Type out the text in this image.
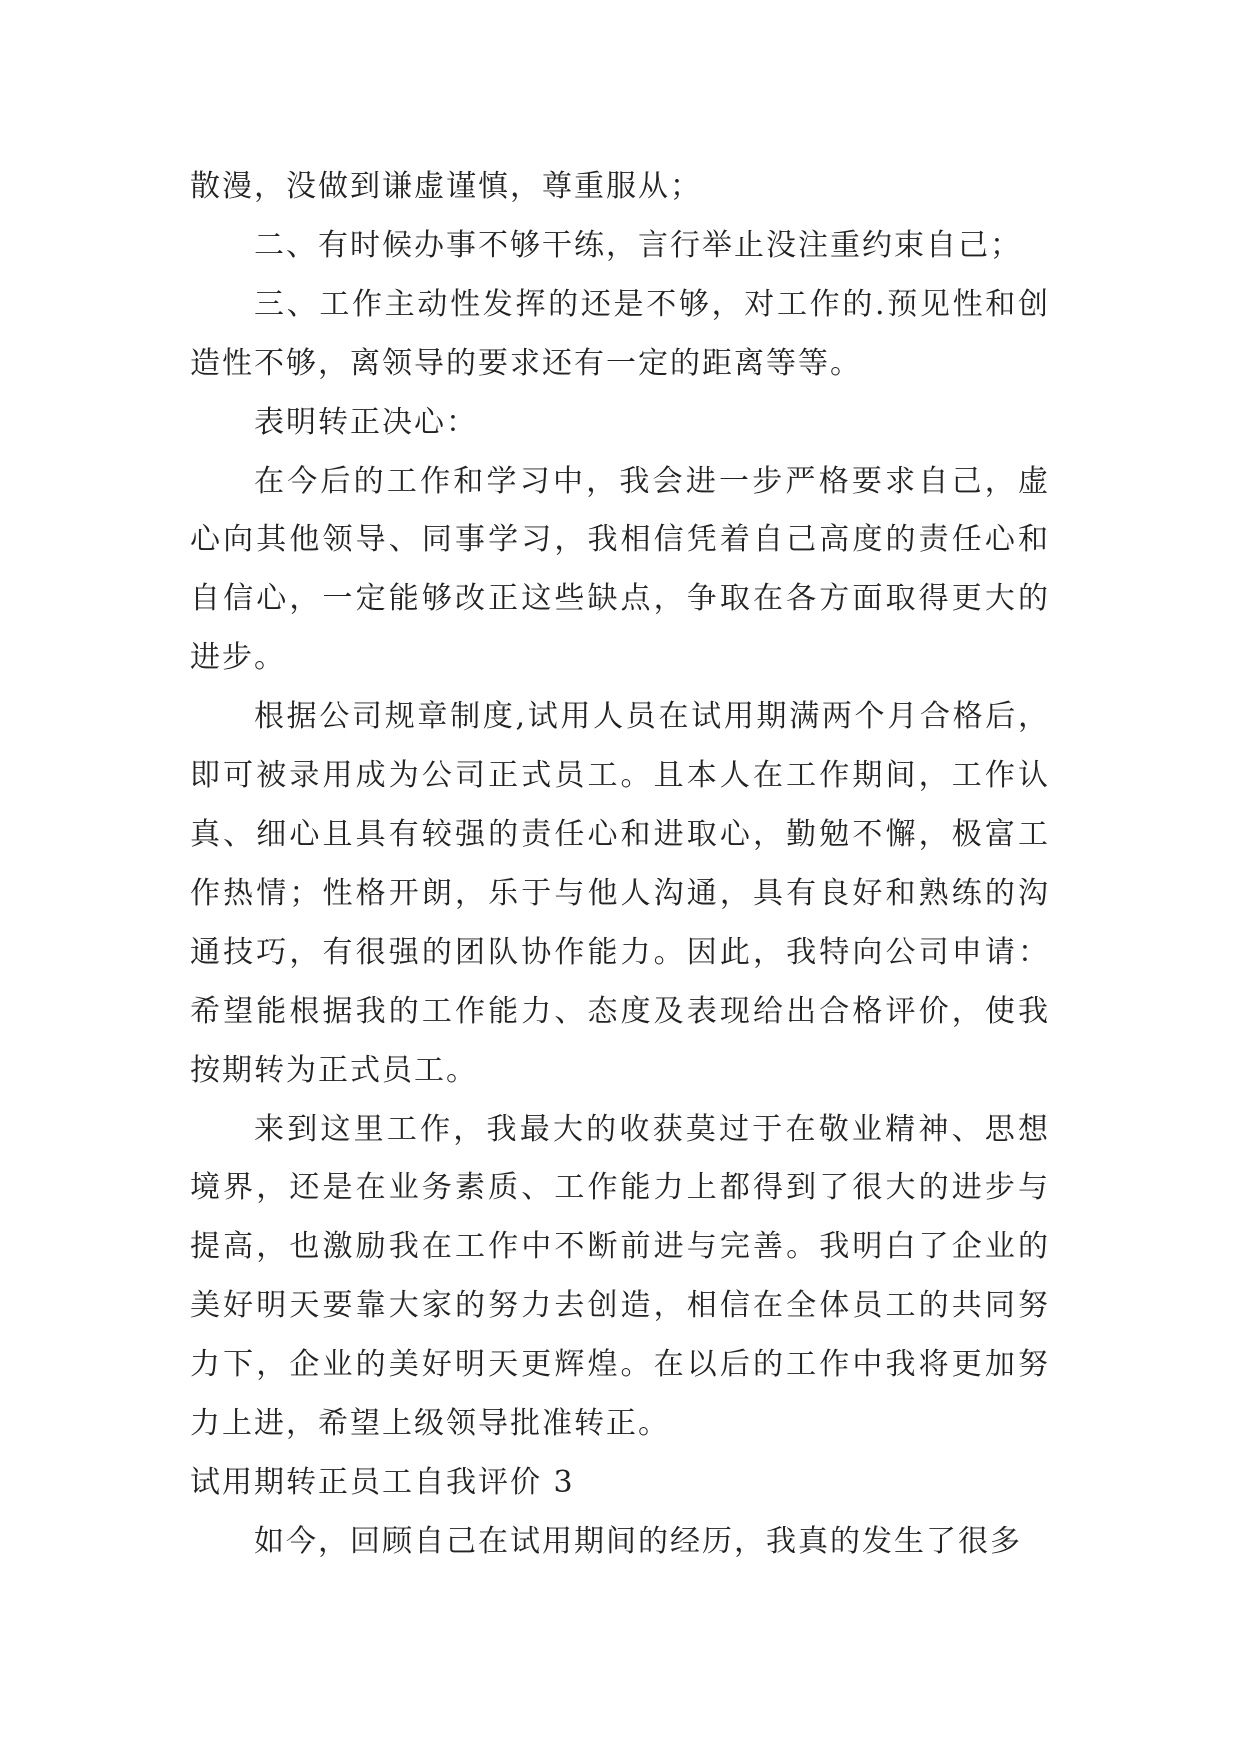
散漫，没做到谦虚谨慎，尊重服从；

二、有时候办事不够干练，言行举止没注重约束自己；

三、工作主动性发挥的还是不够，对工作的.预见性和创造性不够，离领导的要求还有一定的距离等等。

表明转正决心：

在今后的工作和学习中，我会进一步严格要求自己，虚心向其他领导、同事学习，我相信凭着自己高度的责任心和自信心，一定能够改正这些缺点，争取在各方面取得更大的进步。

根据公司规章制度,试用人员在试用期满两个月合格后，即可被录用成为公司正式员工。且本人在工作期间，工作认真、细心且具有较强的责任心和进取心，勤勉不懈，极富工作热情；性格开朗，乐于与他人沟通，具有良好和熟练的沟通技巧，有很强的团队协作能力。因此，我特向公司申请：希望能根据我的工作能力、态度及表现给出合格评价，使我按期转为正式员工。

来到这里工作，我最大的收获莫过于在敬业精神、思想境界，还是在业务素质、工作能力上都得到了很大的进步与提高，也激励我在工作中不断前进与完善。我明白了企业的美好明天要靠大家的努力去创造，相信在全体员工的共同努力下，企业的美好明天更辉煌。在以后的工作中我将更加努力上进，希望上级领导批准转正。

试用期转正员工自我评价 3

如今，回顾自己在试用期间的经历，我真的发生了很多
